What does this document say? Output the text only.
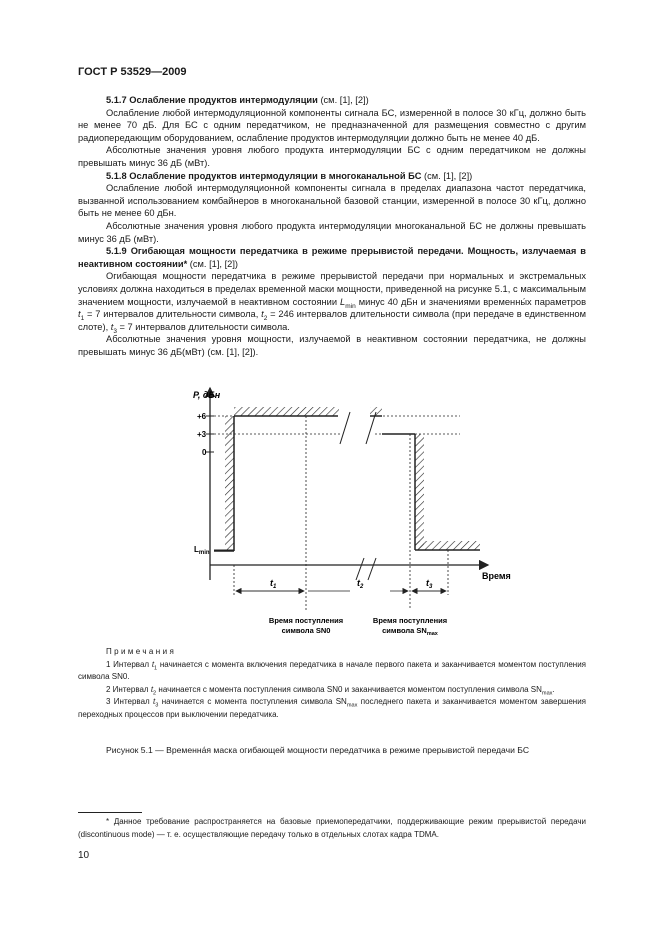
ГОСТ Р 53529—2009

5.1.7 Ослабление продуктов интермодуляции (см. [1], [2])

Ослабление любой интермодуляционной компоненты сигнала БС, измеренной в полосе 30 кГц, должно быть не менее 70 дБ. Для БС с одним передатчиком, не предназначенной для размещения совместно с другим радиопередающим оборудованием, ослабление продуктов интермодуляции должно быть не менее 40 дБ.

Абсолютные значения уровня любого продукта интермодуляции БС с одним передатчиком не должны превышать минус 36 дБ (мВт).

5.1.8 Ослабление продуктов интермодуляции в многоканальной БС (см. [1], [2])

Ослабление любой интермодуляционной компоненты сигнала в пределах диапазона частот передатчика, вызванной использованием комбайнеров в многоканальной базовой станции, измеренной в полосе 30 кГц, должно быть не менее 60 дБн.

Абсолютные значения уровня любого продукта интермодуляции многоканальной БС не должны превышать минус 36 дБ (мВт).

5.1.9 Огибающая мощности передатчика в режиме прерывистой передачи. Мощность, излучаемая в неактивном состоянии* (см. [1], [2])

Огибающая мощности передатчика в режиме прерывистой передачи при нормальных и экстремальных условиях должна находиться в пределах временной маски мощности, приведенной на рисунке 5.1, с максимальным значением мощности, излучаемой в неактивном состоянии $L_{min}$ минус 40 дБн и значениями временны́х параметров $t_1 = 7$ интервалов длительности символа, $t_2 = 246$ интервалов длительности символа (при передаче в единственном слоте), $t_3 = 7$ интервалов длительности символа.

Абсолютные значения уровня мощности, излучаемой в неактивном состоянии передатчика, не должны превышать минус 36 дБ(мВт) (см. [1], [2]).

P, дБн
Время
+6
+3
0
$L_{min}$
$t_1$	$t_2$	$t_3$
Время поступления
символа SN0
Время поступления
символа $SN_{max}$

Примечания

1 Интервал $t_1$ начинается с момента включения передатчика в начале первого пакета и заканчивается моментом поступления символа SN0.

2 Интервал $t_2$ начинается с момента поступления символа SN0 и заканчивается моментом поступления символа $SN_{max}$.

3 Интервал $t_3$ начинается с момента поступления символа $SN_{max}$ последнего пакета и заканчивается моментом завершения переходных процессов при выключении передатчика.

Рисунок 5.1 — Временна́я маска огибающей мощности передатчика в режиме прерывистой передачи БС

* Данное требование распространяется на базовые приемопередатчики, поддерживающие режим прерывистой передачи (discontinuous mode) — т. е. осуществляющие передачу только в отдельных слотах кадра TDMA.

10
